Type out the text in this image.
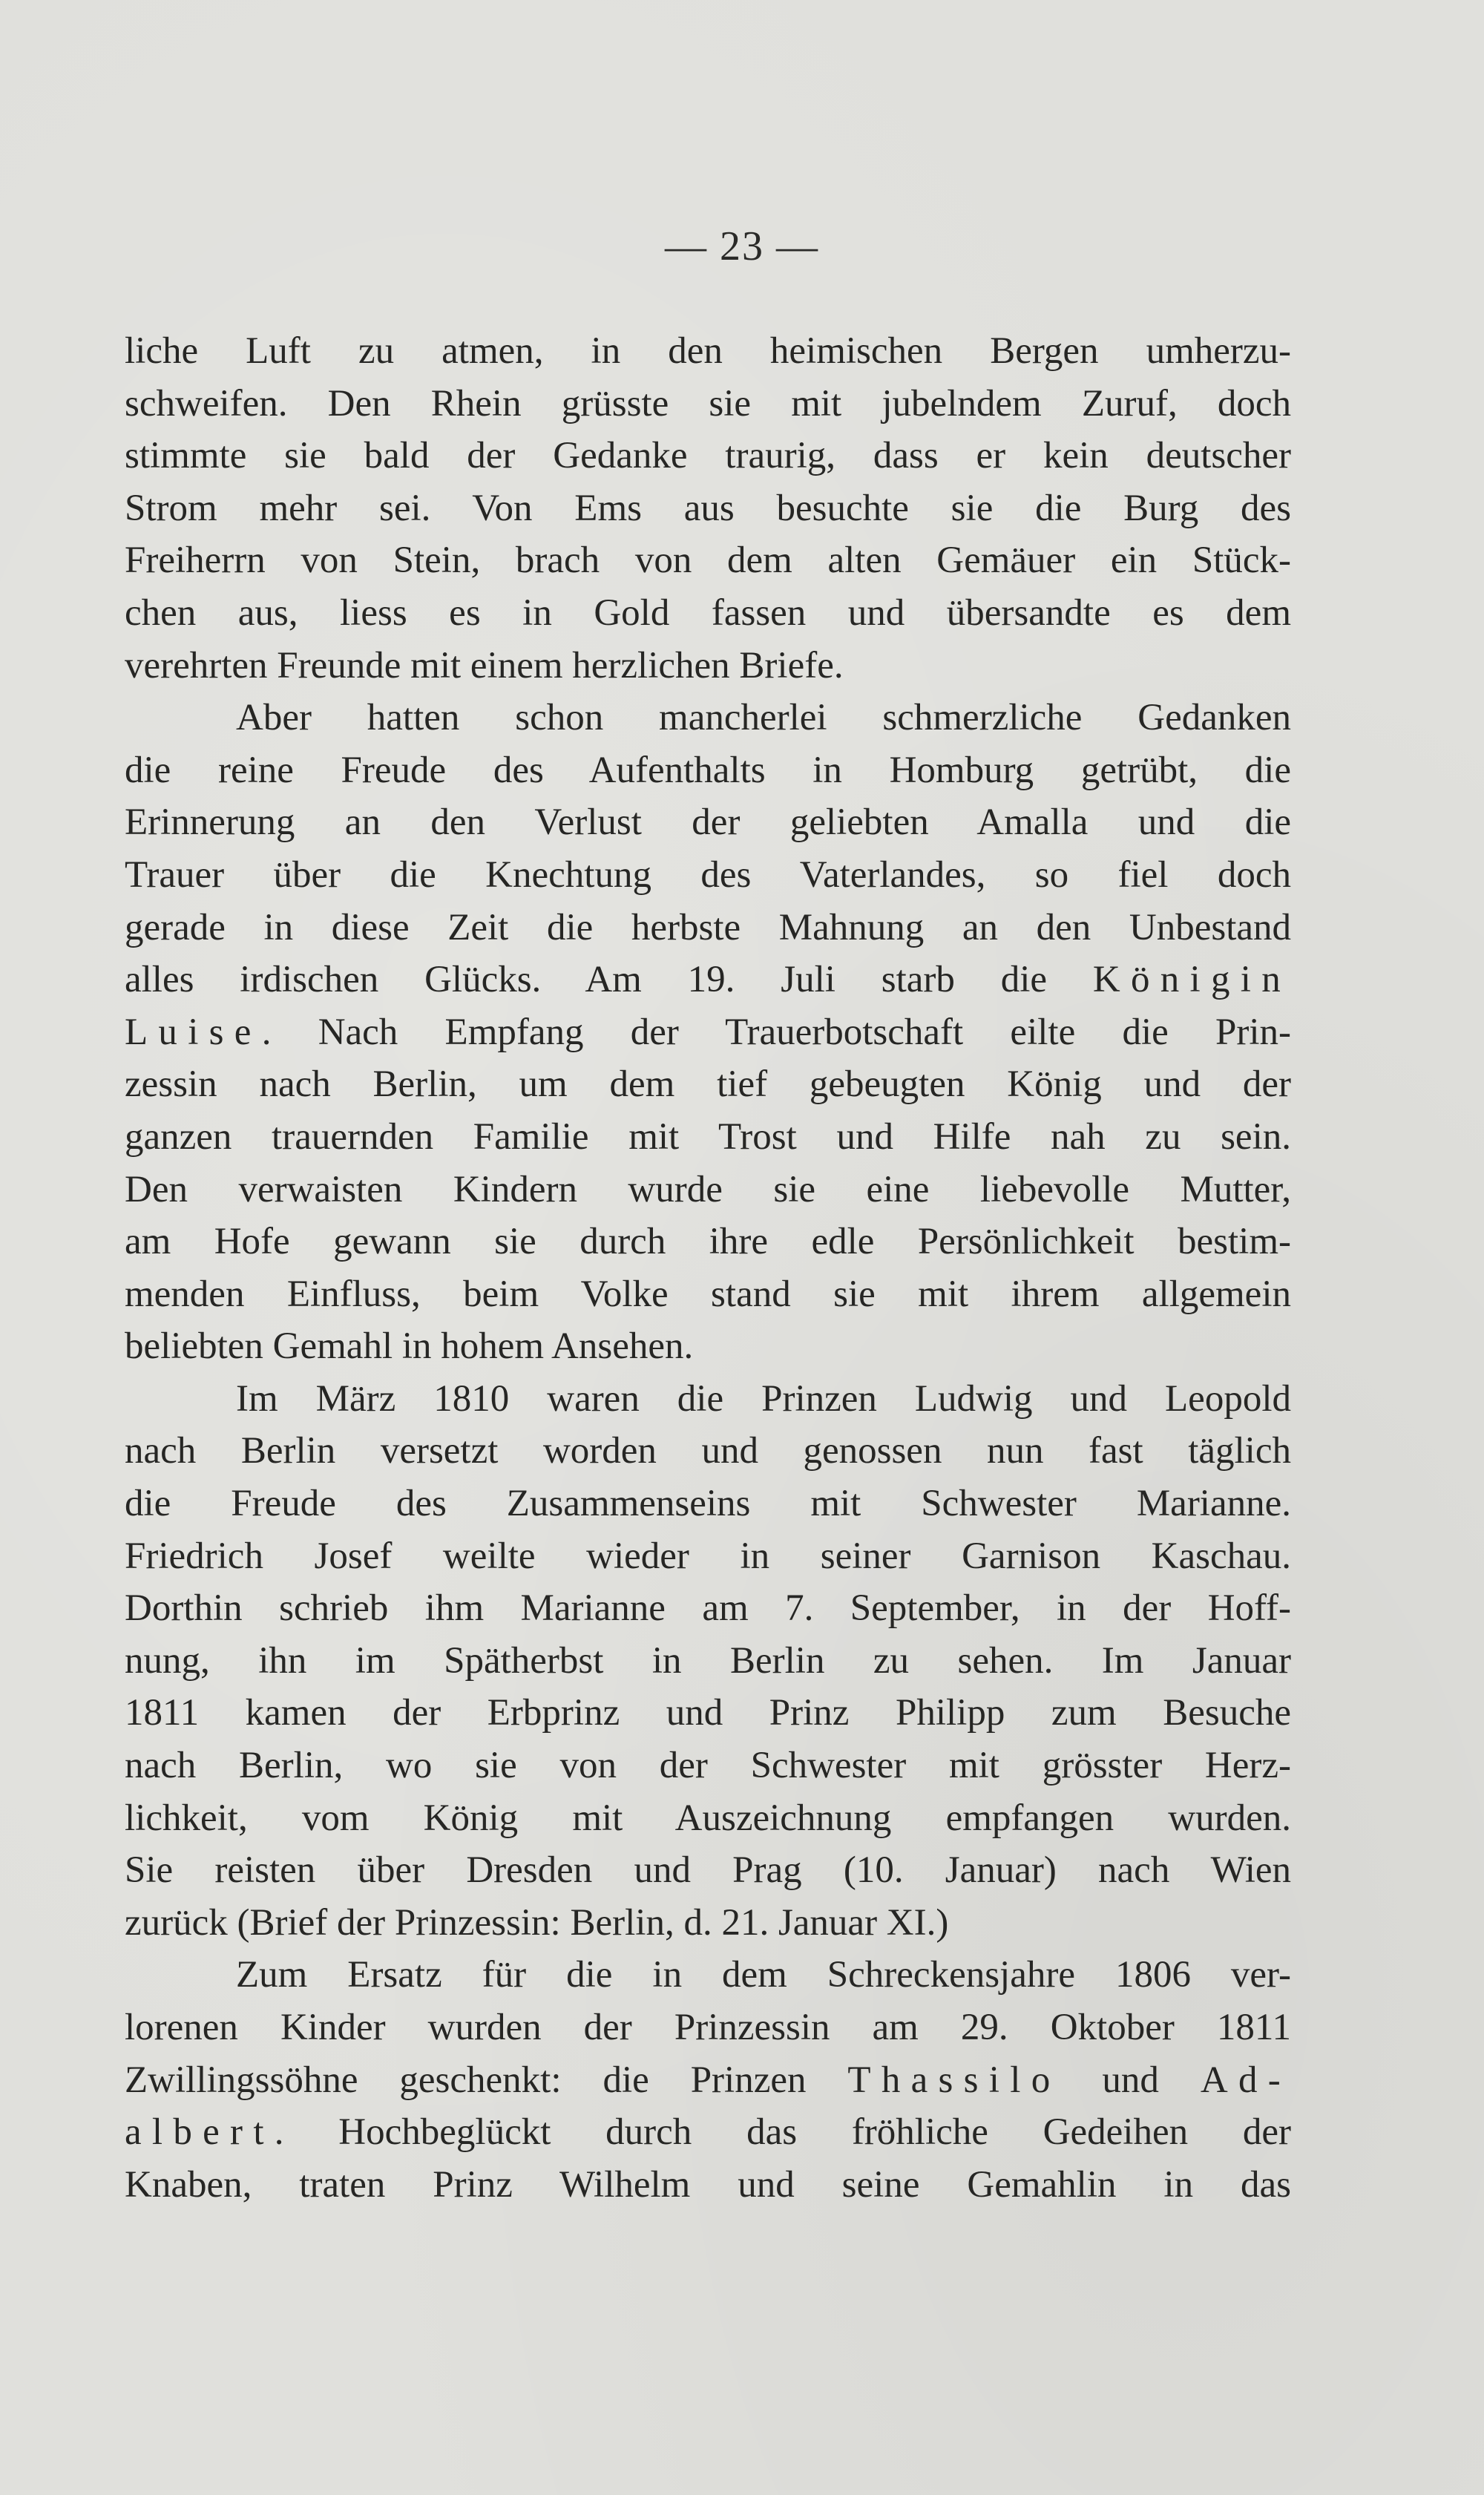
— 23 —
liche Luft zu atmen, in den heimischen Bergen umherzu-
schweifen. Den Rhein grüsste sie mit jubelndem Zuruf, doch
stimmte sie bald der Gedanke traurig, dass er kein deutscher
Strom mehr sei. Von Ems aus besuchte sie die Burg des
Freiherrn von Stein, brach von dem alten Gemäuer ein Stück-
chen aus, liess es in Gold fassen und übersandte es dem
verehrten Freunde mit einem herzlichen Briefe.
Aber hatten schon mancherlei schmerzliche Gedanken
die reine Freude des Aufenthalts in Homburg getrübt, die
Erinnerung an den Verlust der geliebten Amalla und die
Trauer über die Knechtung des Vaterlandes, so fiel doch
gerade in diese Zeit die herbste Mahnung an den Unbestand
alles irdischen Glücks. Am 19. Juli starb die Königin
Luise. Nach Empfang der Trauerbotschaft eilte die Prin-
zessin nach Berlin, um dem tief gebeugten König und der
ganzen trauernden Familie mit Trost und Hilfe nah zu sein.
Den verwaisten Kindern wurde sie eine liebevolle Mutter,
am Hofe gewann sie durch ihre edle Persönlichkeit bestim-
menden Einfluss, beim Volke stand sie mit ihrem allgemein
beliebten Gemahl in hohem Ansehen.
Im März 1810 waren die Prinzen Ludwig und Leopold
nach Berlin versetzt worden und genossen nun fast täglich
die Freude des Zusammenseins mit Schwester Marianne.
Friedrich Josef weilte wieder in seiner Garnison Kaschau.
Dorthin schrieb ihm Marianne am 7. September, in der Hoff-
nung, ihn im Spätherbst in Berlin zu sehen. Im Januar
1811 kamen der Erbprinz und Prinz Philipp zum Besuche
nach Berlin, wo sie von der Schwester mit grösster Herz-
lichkeit, vom König mit Auszeichnung empfangen wurden.
Sie reisten über Dresden und Prag (10. Januar) nach Wien
zurück (Brief der Prinzessin: Berlin, d. 21. Januar XI.)
Zum Ersatz für die in dem Schreckensjahre 1806 ver-
lorenen Kinder wurden der Prinzessin am 29. Oktober 1811
Zwillingssöhne geschenkt: die Prinzen Thassilo und Ad-
albert. Hochbeglückt durch das fröhliche Gedeihen der
Knaben, traten Prinz Wilhelm und seine Gemahlin in das
